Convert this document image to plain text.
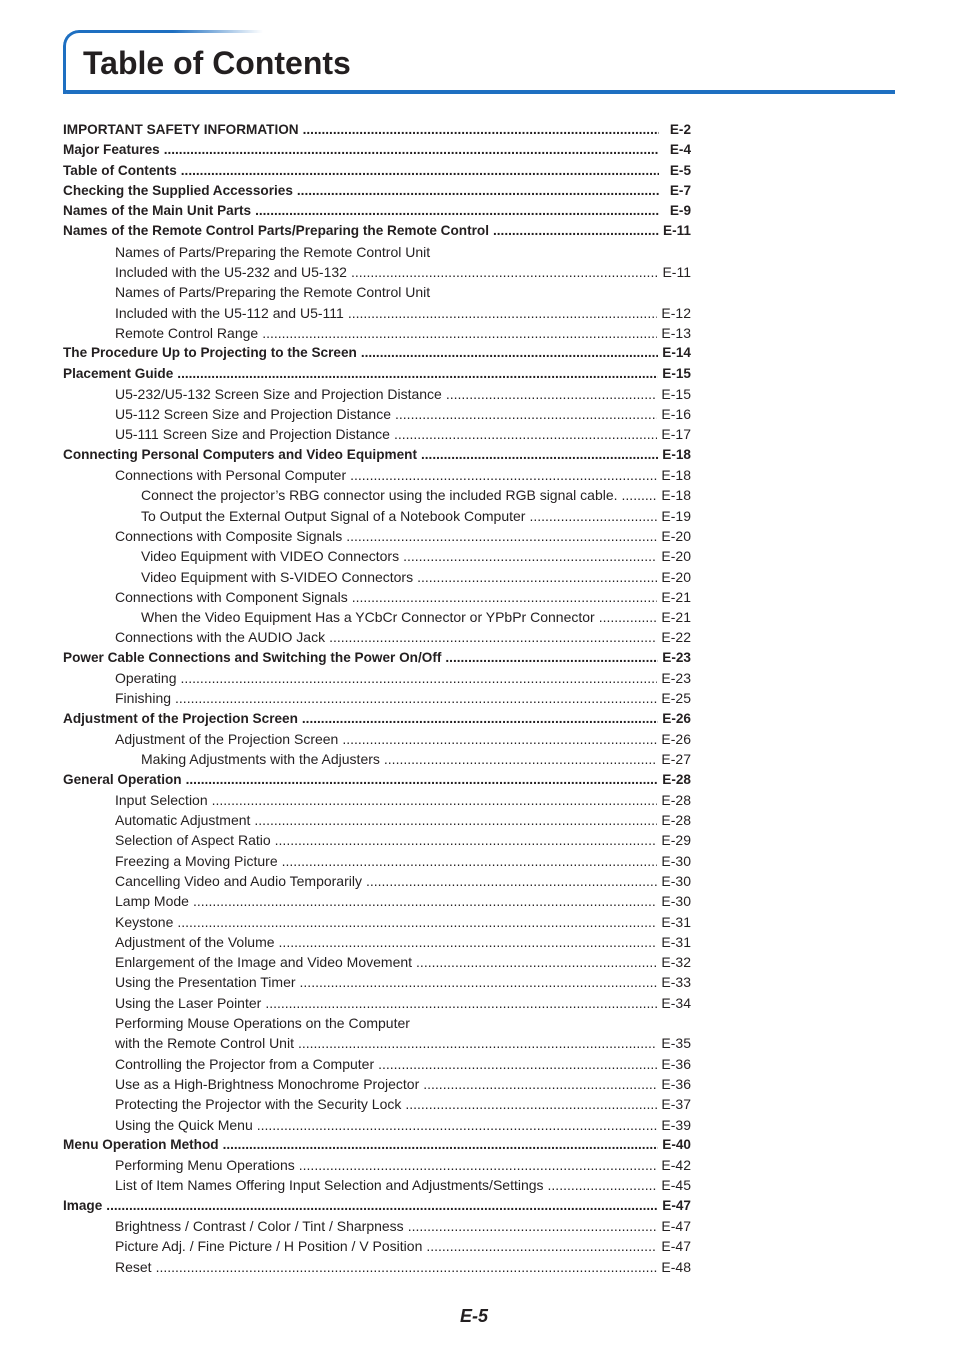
Table of Contents
IMPORTANT SAFETY INFORMATION .....	E-2
Major Features .....	E-4
Table of Contents .....	E-5
Checking the Supplied Accessories .....	E-7
Names of the Main Unit Parts .....	E-9
Names of the Remote Control Parts/Preparing the Remote Control .....	E-11
Names of Parts/Preparing the Remote Control Unit
Included with the U5-232 and U5-132 .....	E-11
Names of Parts/Preparing the Remote Control Unit
Included with the U5-112 and U5-111 .....	E-12
Remote Control Range .....	E-13
The Procedure Up to Projecting to the Screen .....	E-14
Placement Guide .....	E-15
U5-232/U5-132 Screen Size and Projection Distance .....	E-15
U5-112 Screen Size and Projection Distance .....	E-16
U5-111 Screen Size and Projection Distance .....	E-17
Connecting Personal Computers and Video Equipment .....	E-18
Connections with Personal Computer .....	E-18
Connect the projector’s RBG connector using the included RGB signal cable. .....	E-18
To Output the External Output Signal of a Notebook Computer .....	E-19
Connections with Composite Signals .....	E-20
Video Equipment with VIDEO Connectors .....	E-20
Video Equipment with S-VIDEO Connectors .....	E-20
Connections with Component Signals .....	E-21
When the Video Equipment Has a YCbCr Connector or YPbPr Connector .....	E-21
Connections with the AUDIO Jack .....	E-22
Power Cable Connections and Switching the Power On/Off .....	E-23
Operating .....	E-23
Finishing .....	E-25
Adjustment of the Projection Screen .....	E-26
Adjustment of the Projection Screen .....	E-26
Making Adjustments with the Adjusters .....	E-27
General Operation .....	E-28
Input Selection .....	E-28
Automatic Adjustment .....	E-28
Selection of Aspect Ratio .....	E-29
Freezing a Moving Picture .....	E-30
Cancelling Video and Audio Temporarily .....	E-30
Lamp Mode .....	E-30
Keystone .....	E-31
Adjustment of the Volume .....	E-31
Enlargement of the Image and Video Movement .....	E-32
Using the Presentation Timer .....	E-33
Using the Laser Pointer .....	E-34
Performing Mouse Operations on the Computer
with the Remote Control Unit .....	E-35
Controlling the Projector from a Computer .....	E-36
Use as a High-Brightness Monochrome Projector .....	E-36
Protecting the Projector with the Security Lock .....	E-37
Using the Quick Menu .....	E-39
Menu Operation Method .....	E-40
Performing Menu Operations .....	E-42
List of Item Names Offering Input Selection and Adjustments/Settings .....	E-45
Image .....	E-47
Brightness / Contrast / Color / Tint / Sharpness .....	E-47
Picture Adj. / Fine Picture / H Position / V Position .....	E-47
Reset .....	E-48
E-5
